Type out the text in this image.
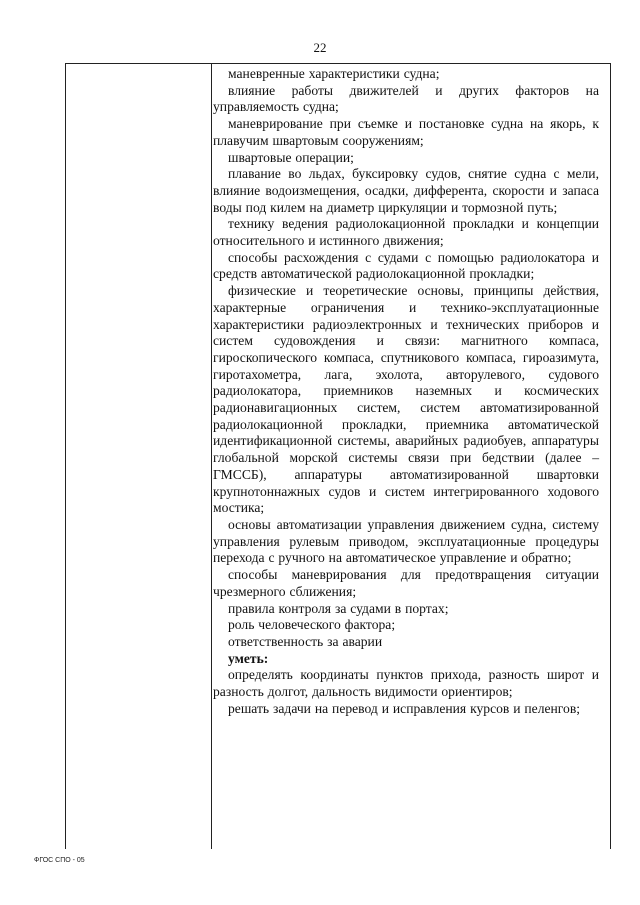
22

маневренные характеристики судна;

влияние работы движителей и других факторов на управляемость судна;

маневрирование при съемке и постановке судна на якорь, к плавучим швартовым сооружениям;

швартовые операции;

плавание во льдах, буксировку судов, снятие судна с мели, влияние водоизмещения, осадки, дифферента, скорости и запаса воды под килем на диаметр циркуляции и тормозной путь;

технику ведения радиолокационной прокладки и концепции относительного и истинного движения;

способы расхождения с судами с помощью радиолокатора и средств автоматической радиолокационной прокладки;

физические и теоретические основы, принципы действия, характерные ограничения и технико-эксплуатационные характеристики радиоэлектронных и технических приборов и систем судовождения и связи: магнитного компаса, гироскопического компаса, спутникового компаса, гироазимута, гиротахометра, лага, эхолота, авторулевого, судового радиолокатора, приемников наземных и космических радионавигационных систем, систем автоматизированной радиолокационной прокладки, приемника автоматической идентификационной системы, аварийных радиобуев, аппаратуры глобальной морской системы связи при бедствии (далее – ГМССБ), аппаратуры автоматизированной швартовки крупнотоннажных судов и систем интегрированного ходового мостика;

основы автоматизации управления движением судна, систему управления рулевым приводом, эксплуатационные процедуры перехода с ручного на автоматическое управление и обратно;

способы маневрирования для предотвращения ситуации чрезмерного сближения;

правила контроля за судами в портах;

роль человеческого фактора;

ответственность за аварии

уметь:

определять координаты пунктов прихода, разность широт и разность долгот, дальность видимости ориентиров;

решать задачи на перевод и исправления курсов и пеленгов;

ФГОС СПО - 05
